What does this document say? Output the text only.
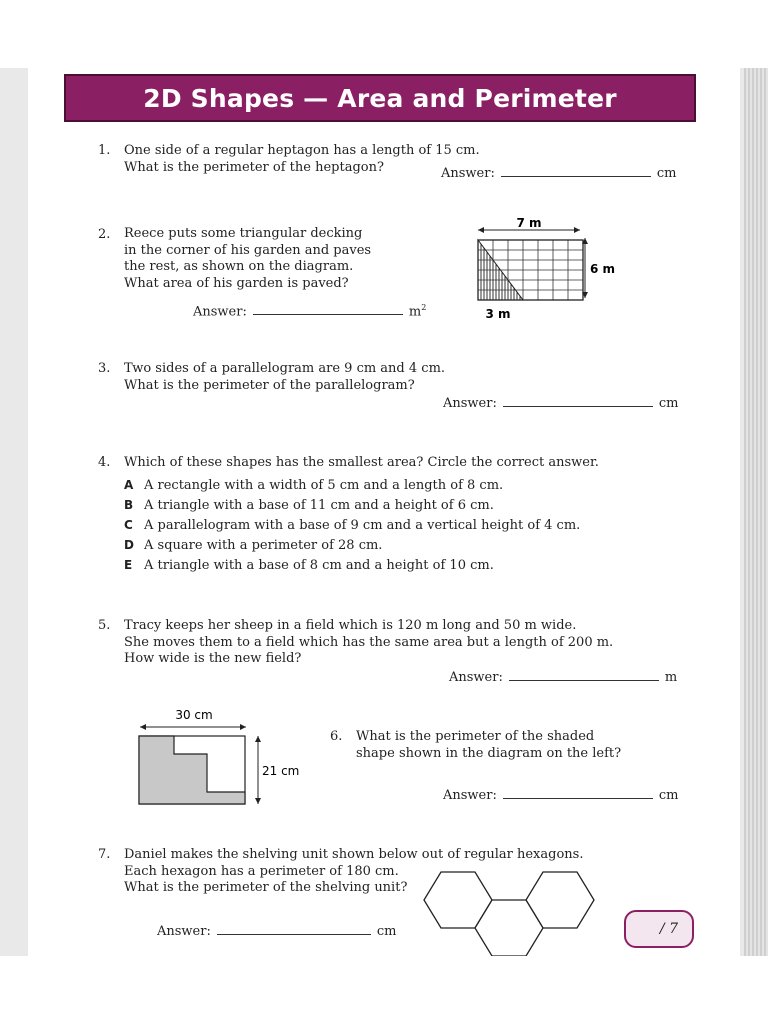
2D Shapes — Area and Perimeter
1. One side of a regular heptagon has a length of 15 cm.
What is the perimeter of the heptagon?	Answer:	cm
2. Reece puts some triangular decking
in the corner of his garden and paves
the rest, as shown on the diagram.
What area of his garden is paved?
Answer:	$m^2$
7 m
6 m
3 m
3. Two sides of a parallelogram are 9 cm and 4 cm.
What is the perimeter of the parallelogram?
Answer:	cm
4. Which of these shapes has the smallest area? Circle the correct answer.
A A rectangle with a width of 5 cm and a length of 8 cm.
B A triangle with a base of 11 cm and a height of 6 cm.
C A parallelogram with a base of 9 cm and a vertical height of 4 cm.
D A square with a perimeter of 28 cm.
E A triangle with a base of 8 cm and a height of 10 cm.
5. Tracy keeps her sheep in a field which is 120 m long and 50 m wide.
She moves them to a field which has the same area but a length of 200 m.
How wide is the new field?
Answer:	m
30 cm
21 cm
6. What is the perimeter of the shaded
shape shown in the diagram on the left?
Answer:	cm
7. Daniel makes the shelving unit shown below out of regular hexagons.
Each hexagon has a perimeter of 180 cm.
What is the perimeter of the shelving unit?
Answer:	cm	/ 7
